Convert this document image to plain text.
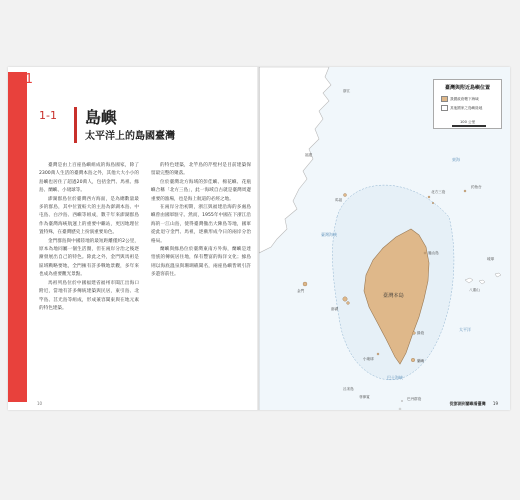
01
1-1 島嶼
太平洋上的島國臺灣

臺灣是由上百座島嶼組成的海島國家，除了2300萬人生活的臺灣本島之外，其他大大小小的島嶼也居住了超過20萬人，包括金門、馬祖、綠島、蘭嶼、小琉球等。

澎湖群島位於臺灣西方海面，是為總數量最多的群島，其中位置較大的主島為澎湖本島、中屯島、白沙島、西嶼等組成，數千年來澎湖群島作為臺灣海峽航運上的重要中繼站，更因地理位置特殊，在臺灣歷史上扮演重要角色。

金門群島與中國陸地的最短距離僅約2公里，原本為地同屬一個生活圈，但在兩岸分治之後逐漸發展出自己的特色。除此之外，金門與馬祖是區域戰略要地，全門擁有許多戰地景觀，多年來也成為重要觀光景點。

馬祖列島位於中國福建省福州市閩江出海口附近，當地有許多傳統建築與民居，東引島、北竿島、莒光島等組成，形成兼容閩東與在地元素的特色建築。

的特色建築，北竿島的芹壁村是目前建築保留最完整的聚落。

位於臺灣北方海域的彭佳嶼、棉花嶼、花瓶嶼合稱「北方三島」，此一海域自古就是臺灣周邊重要的漁場，也是海上航道的必經之地。

在兩岸分治初期，浙江與福建沿海的多處島嶼曾由國軍駐守。然而，1955年中國在下浙江沿海的一江山島，使得臺灣撤出大陳島等地，國軍從此退守金門、馬祖，逐漸形成今日的兩岸分治格局。

蘭嶼與綠島位於臺灣東南方外海，蘭嶼是達悟族的傳統居住地，保有豐富的海洋文化；綠島則以海底溫泉與珊瑚礁聞名，兩座島嶼皆吸引許多遊客前往。

10
浙江
福建
東海
馬祖
北方三島
釣魚台
臺灣海峽
龜山島
金門
澎湖
臺灣本島
八重山
琉球
太平洋
綠島
小琉球	蘭嶼
巴士海峽
巴丹群島
呂宋島
菲律賓
臺灣與附近島嶼位置
我國政府轄下海域
其他國家之島嶼陸地
100 公里
從澎湖到蘭嶼看臺灣 19
